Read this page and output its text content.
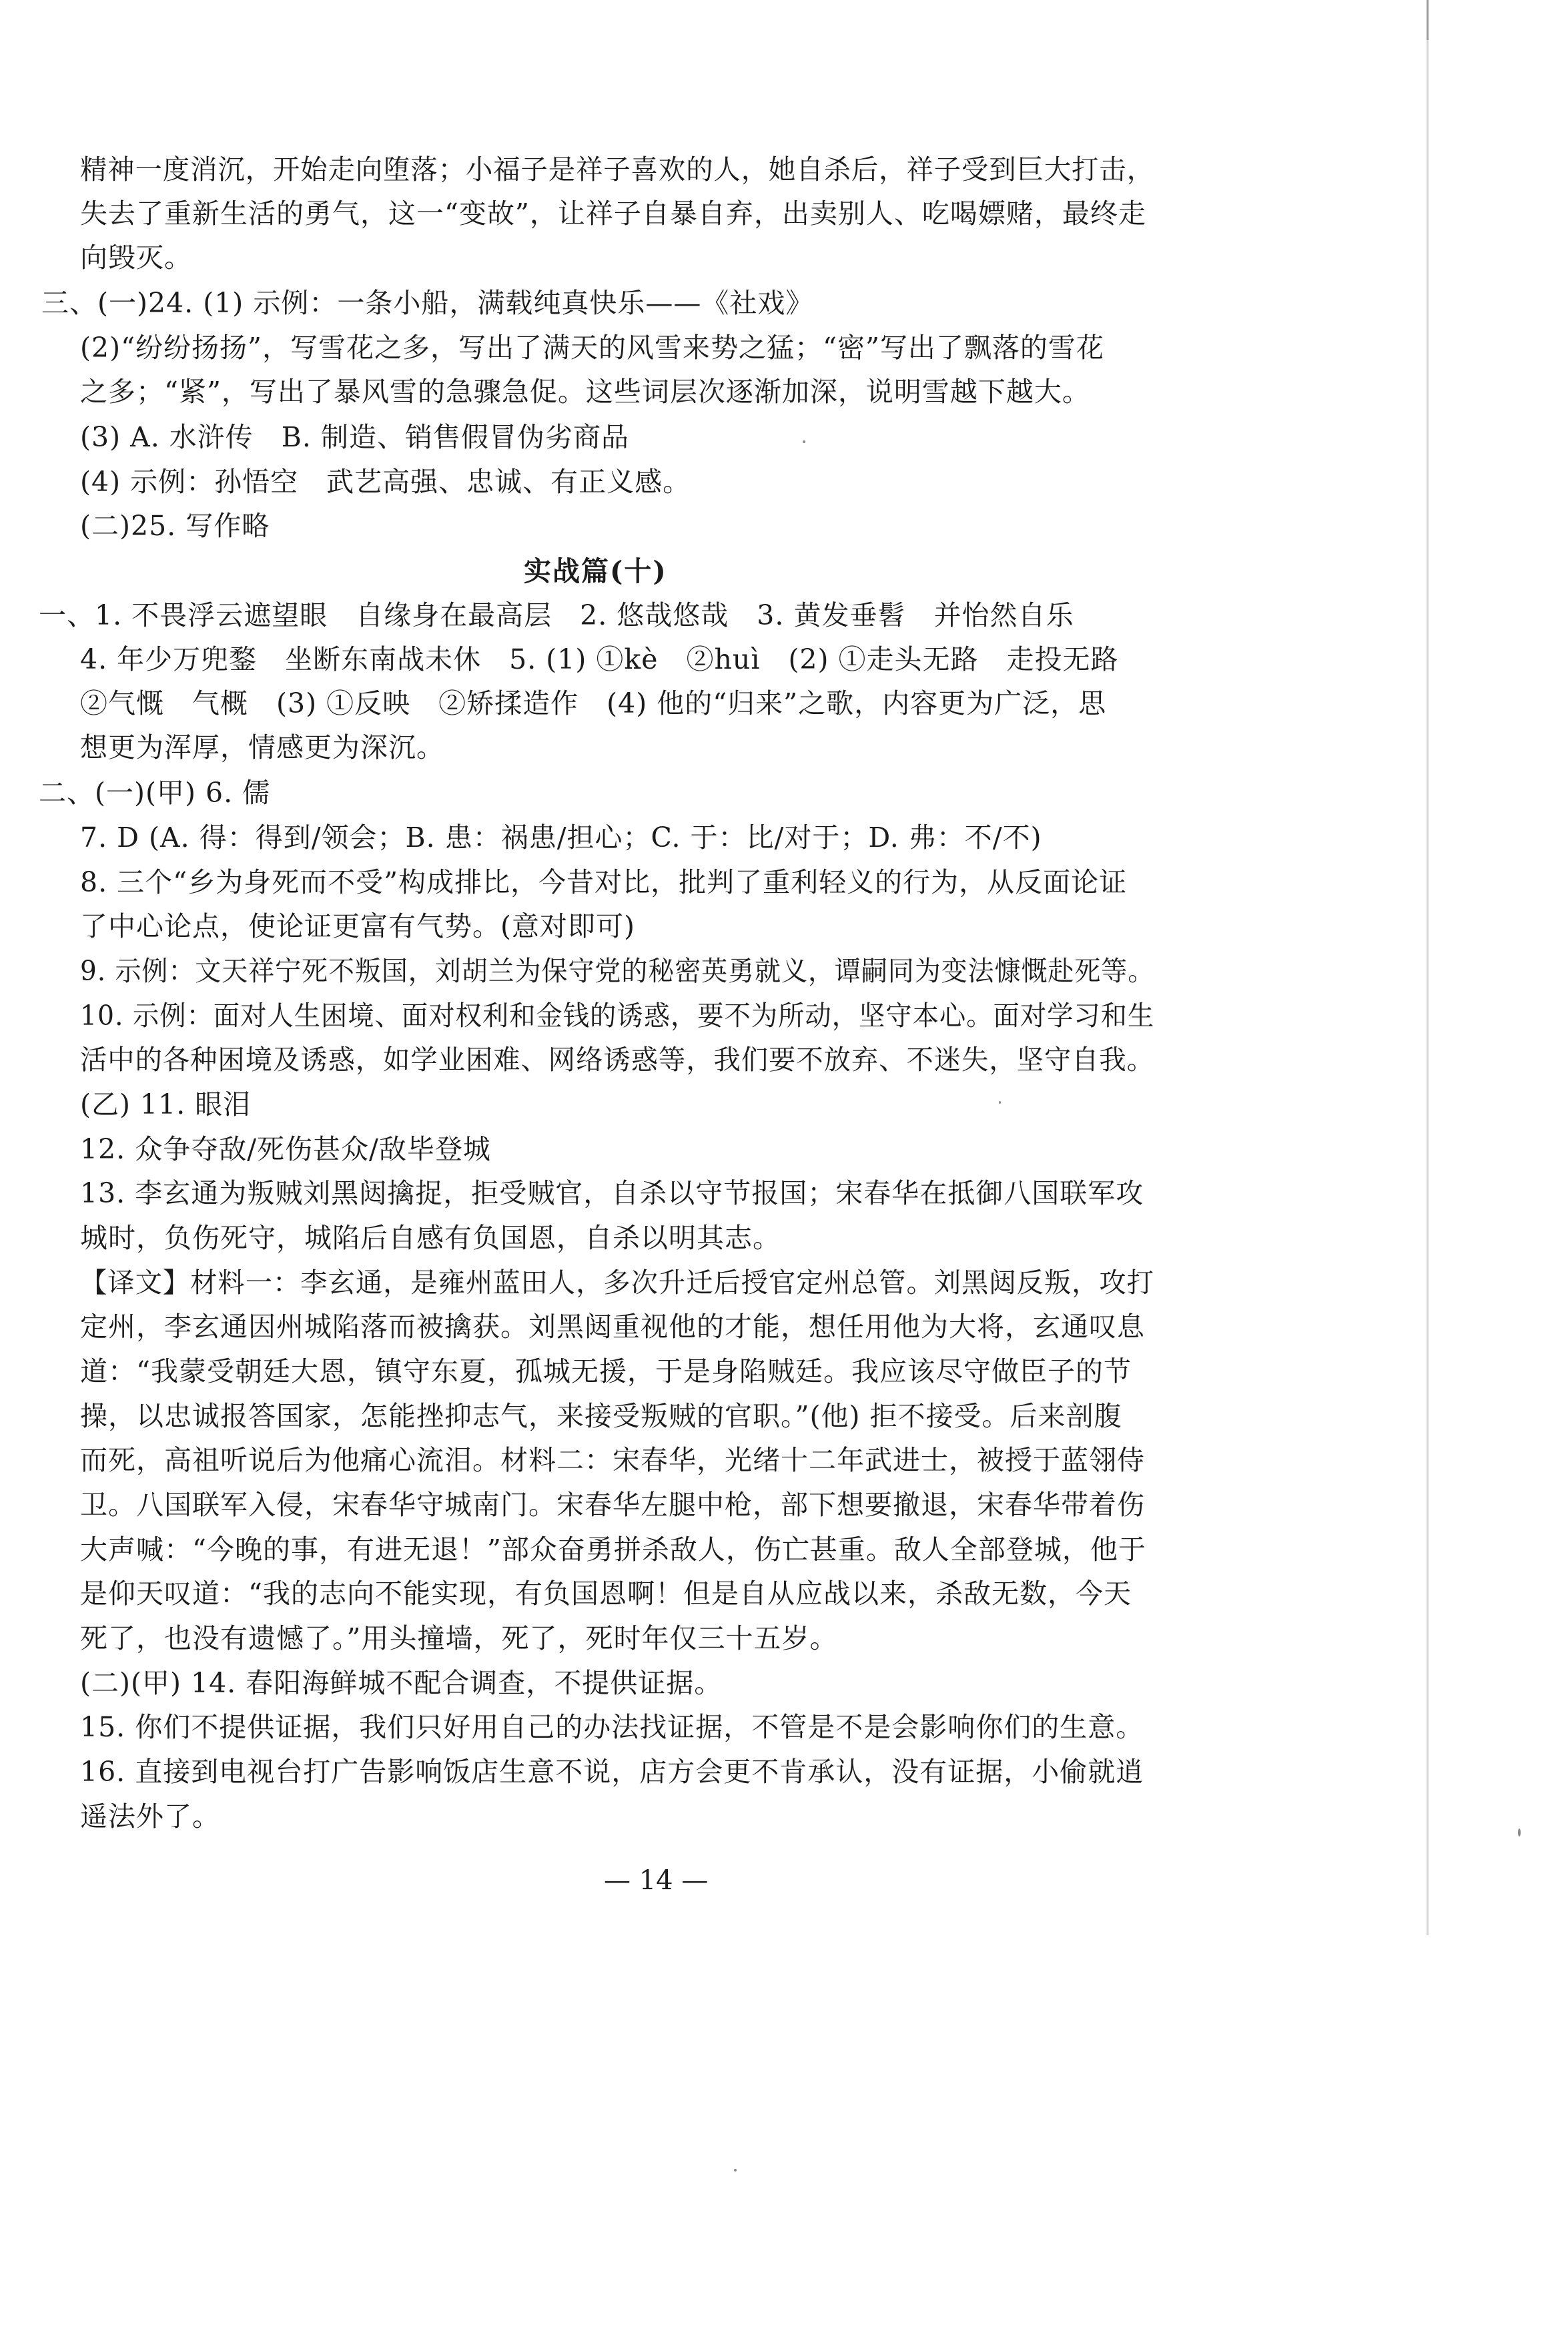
精神一度消沉，开始走向堕落；小福子是祥子喜欢的人，她自杀后，祥子受到巨大打击，
失去了重新生活的勇气，这一“变故”，让祥子自暴自弃，出卖别人、吃喝嫖赌，最终走
向毁灭。
三、(一)24. (1) 示例：一条小船，满载纯真快乐——《社戏》
(2)“纷纷扬扬”，写雪花之多，写出了满天的风雪来势之猛；“密”写出了飘落的雪花
之多；“紧”，写出了暴风雪的急骤急促。这些词层次逐渐加深，说明雪越下越大。
(3) A. 水浒传　B. 制造、销售假冒伪劣商品
(4) 示例：孙悟空　武艺高强、忠诚、有正义感。
(二)25. 写作略
实战篇(十)
一、1. 不畏浮云遮望眼　自缘身在最高层　2. 悠哉悠哉　3. 黄发垂髫　并怡然自乐
4. 年少万兜鍪　坐断东南战未休　5. (1) ①kè　②huì　(2) ①走头无路　走投无路
②气慨　气概　(3) ①反映　②矫揉造作　(4) 他的“归来”之歌，内容更为广泛，思
想更为浑厚，情感更为深沉。
二、(一)(甲) 6. 儒
7. D (A. 得：得到/领会；B. 患：祸患/担心；C. 于：比/对于；D. 弗：不/不)
8. 三个“乡为身死而不受”构成排比，今昔对比，批判了重利轻义的行为，从反面论证
了中心论点，使论证更富有气势。(意对即可)
9. 示例：文天祥宁死不叛国，刘胡兰为保守党的秘密英勇就义，谭嗣同为变法慷慨赴死等。
10. 示例：面对人生困境、面对权利和金钱的诱惑，要不为所动，坚守本心。面对学习和生
活中的各种困境及诱惑，如学业困难、网络诱惑等，我们要不放弃、不迷失，坚守自我。
(乙) 11. 眼泪
12. 众争夺敌/死伤甚众/敌毕登城
13. 李玄通为叛贼刘黑闼擒捉，拒受贼官，自杀以守节报国；宋春华在抵御八国联军攻
城时，负伤死守，城陷后自感有负国恩，自杀以明其志。
【译文】材料一：李玄通，是雍州蓝田人，多次升迁后授官定州总管。刘黑闼反叛，攻打
定州，李玄通因州城陷落而被擒获。刘黑闼重视他的才能，想任用他为大将，玄通叹息
道：“我蒙受朝廷大恩，镇守东夏，孤城无援，于是身陷贼廷。我应该尽守做臣子的节
操，以忠诚报答国家，怎能挫抑志气，来接受叛贼的官职。”(他) 拒不接受。后来剖腹
而死，高祖听说后为他痛心流泪。材料二：宋春华，光绪十二年武进士，被授于蓝翎侍
卫。八国联军入侵，宋春华守城南门。宋春华左腿中枪，部下想要撤退，宋春华带着伤
大声喊：“今晚的事，有进无退！”部众奋勇拼杀敌人，伤亡甚重。敌人全部登城，他于
是仰天叹道：“我的志向不能实现，有负国恩啊！但是自从应战以来，杀敌无数，今天
死了，也没有遗憾了。”用头撞墙，死了，死时年仅三十五岁。
(二)(甲) 14. 春阳海鲜城不配合调查，不提供证据。
15. 你们不提供证据，我们只好用自己的办法找证据，不管是不是会影响你们的生意。
16. 直接到电视台打广告影响饭店生意不说，店方会更不肯承认，没有证据，小偷就逍
遥法外了。
— 14 —
